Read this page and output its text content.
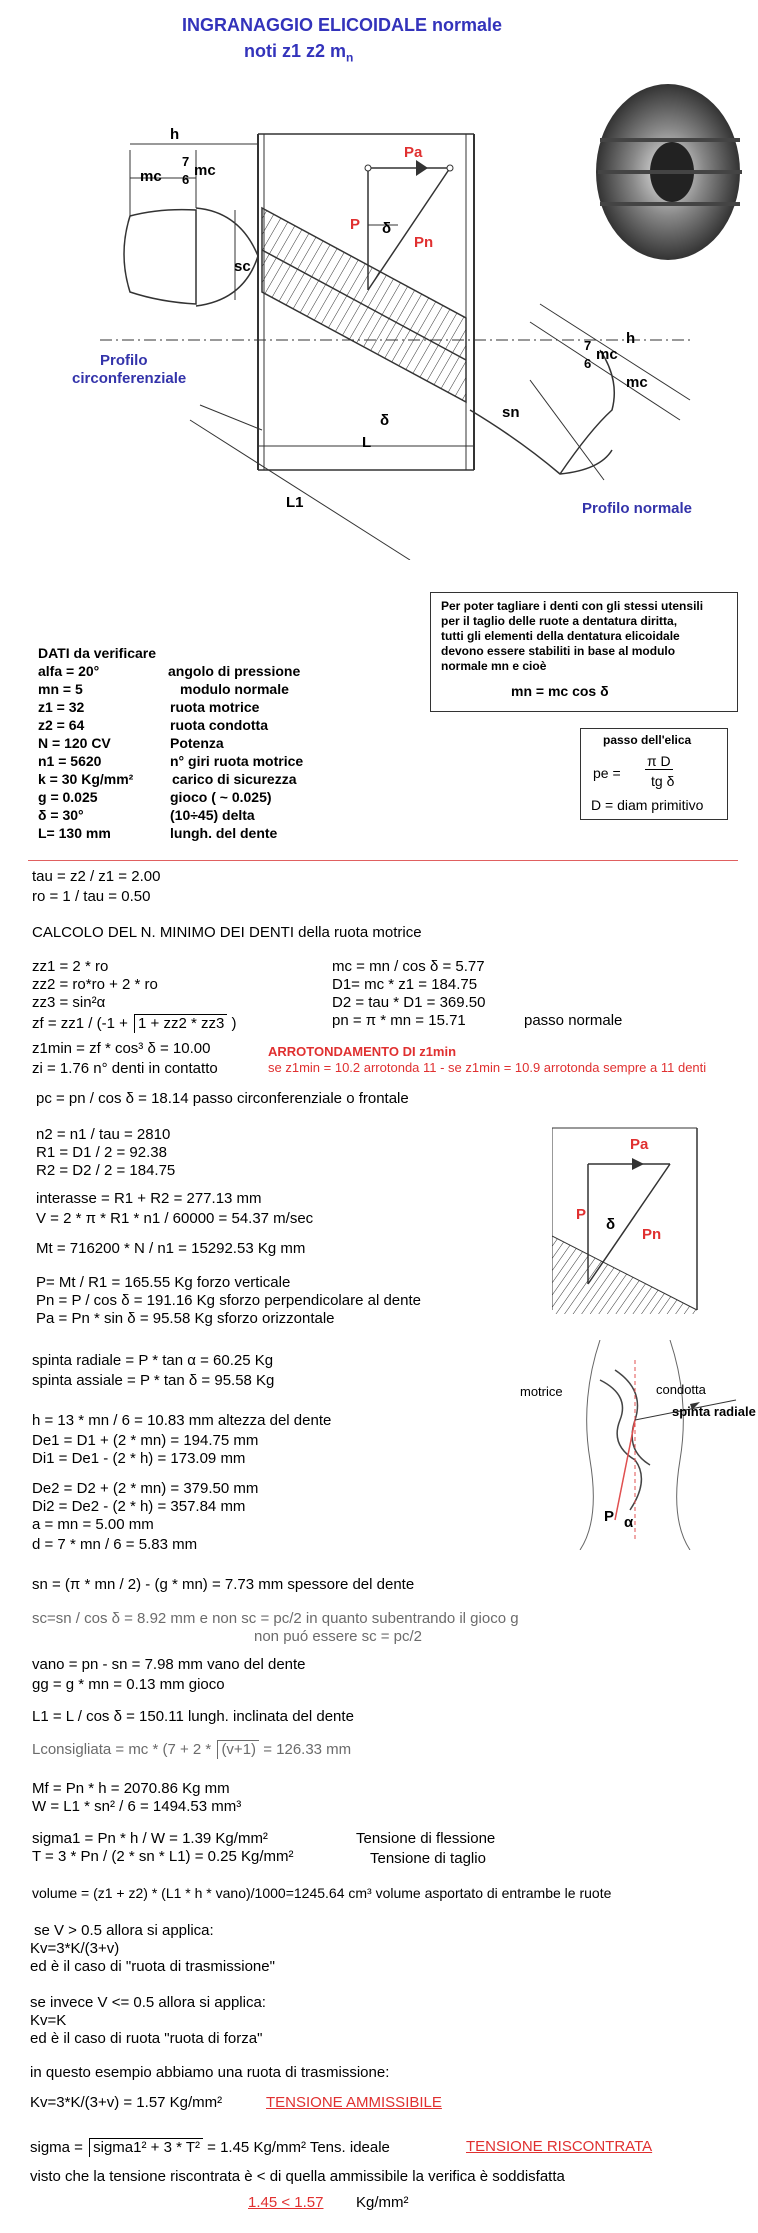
INGRANAGGIO ELICOIDALE normale
noti z1 z2 $m_n$
h
mc
7
6
mc
sc
Pa
P
Pn
δ
Profilo
circonferenziale
Profilo normale
sn
L
L1
h
7
6
mc
mc
δ
Per poter tagliare i denti con gli stessi utensili
per il taglio delle ruote a dentatura diritta,
tutti gli elementi della dentatura elicoidale
devono essere stabiliti in base al modulo
normale mn e cioè
mn = mc cos δ
passo dell'elica
pe =
π D
tg δ
D = diam primitivo
DATI da verificare
alfa = 20°	angolo di pressione
mn = 5	modulo normale
z1 = 32	ruota motrice
z2 = 64	ruota condotta
N = 120 CV	Potenza
n1 = 5620	n° giri ruota motrice
k = 30 Kg/mm²	carico di sicurezza
g = 0.025	gioco ( ~ 0.025)
δ = 30°	(10÷45) delta
L= 130 mm	lungh. del dente
tau = z2 / z1 = 2.00
ro = 1 / tau = 0.50
CALCOLO DEL N. MINIMO DEI DENTI della ruota motrice
zz1 = 2 * ro
zz2 = ro*ro + 2 * ro
zz3 = sin²α
zf = zz1 / (-1 + 1 + zz2 * zz3 )
mc = mn / cos δ = 5.77
D1= mc * z1 = 184.75
D2 = tau * D1 = 369.50
pn = π * mn = 15.71	passo normale
z1min = zf * cos³ δ = 10.00
zi = 1.76 n° denti in contatto
ARROTONDAMENTO DI z1min
se z1min = 10.2 arrotonda 11 - se z1min = 10.9 arrotonda sempre a 11 denti
pc = pn / cos δ = 18.14 passo circonferenziale o frontale
n2 = n1 / tau = 2810
R1 = D1 / 2 = 92.38
R2 = D2 / 2 = 184.75
interasse = R1 + R2 = 277.13 mm
V = 2 * π * R1 * n1 / 60000 = 54.37 m/sec
Mt = 716200 * N / n1 = 15292.53 Kg mm
P= Mt / R1 = 165.55 Kg forzo verticale
Pn = P / cos δ = 191.16 Kg sforzo perpendicolare al dente
Pa = Pn * sin δ = 95.58 Kg sforzo orizzontale
spinta radiale = P * tan α = 60.25 Kg
spinta assiale = P * tan δ = 95.58 Kg
h = 13 * mn / 6 = 10.83 mm altezza del dente
De1 = D1 + (2 * mn) = 194.75 mm
Di1 = De1 - (2 * h) = 173.09 mm
De2 = D2 + (2 * mn) = 379.50 mm
Di2 = De2 - (2 * h) = 357.84 mm
a = mn = 5.00 mm
d = 7 * mn / 6 = 5.83 mm
sn = (π * mn / 2) - (g * mn) = 7.73 mm spessore del dente
sc=sn / cos δ = 8.92 mm e non sc = pc/2 in quanto subentrando il gioco g
non puó essere sc = pc/2
vano = pn - sn = 7.98 mm vano del dente
gg = g * mn = 0.13 mm gioco
L1 = L / cos δ = 150.11 lungh. inclinata del dente
Lconsigliata = mc * (7 + 2 * (v+1) = 126.33 mm
Mf = Pn * h = 2070.86 Kg mm
W = L1 * sn² / 6 = 1494.53 mm³
sigma1 = Pn * h / W = 1.39 Kg/mm²	Tensione di flessione
T = 3 * Pn / (2 * sn * L1) = 0.25 Kg/mm²	Tensione di taglio
volume = (z1 + z2) * (L1 * h * vano)/1000=1245.64 cm³ volume asportato di entrambe le ruote
se V > 0.5 allora si applica:
Kv=3*K/(3+v)
ed è il caso di "ruota di trasmissione"
se invece V <= 0.5 allora si applica:
Kv=K
ed è il caso di ruota "ruota di forza"
in questo esempio abbiamo una ruota di trasmissione:
Kv=3*K/(3+v) = 1.57 Kg/mm²	TENSIONE AMMISSIBILE
sigma = sigma1² + 3 * T² = 1.45 Kg/mm² Tens. ideale	TENSIONE RISCONTRATA
visto che la tensione riscontrata è < di quella ammissibile la verifica è soddisfatta
1.45 < 1.57 Kg/mm²
Pa
P
Pn
δ
motrice	condotta
spinta radiale
P α
